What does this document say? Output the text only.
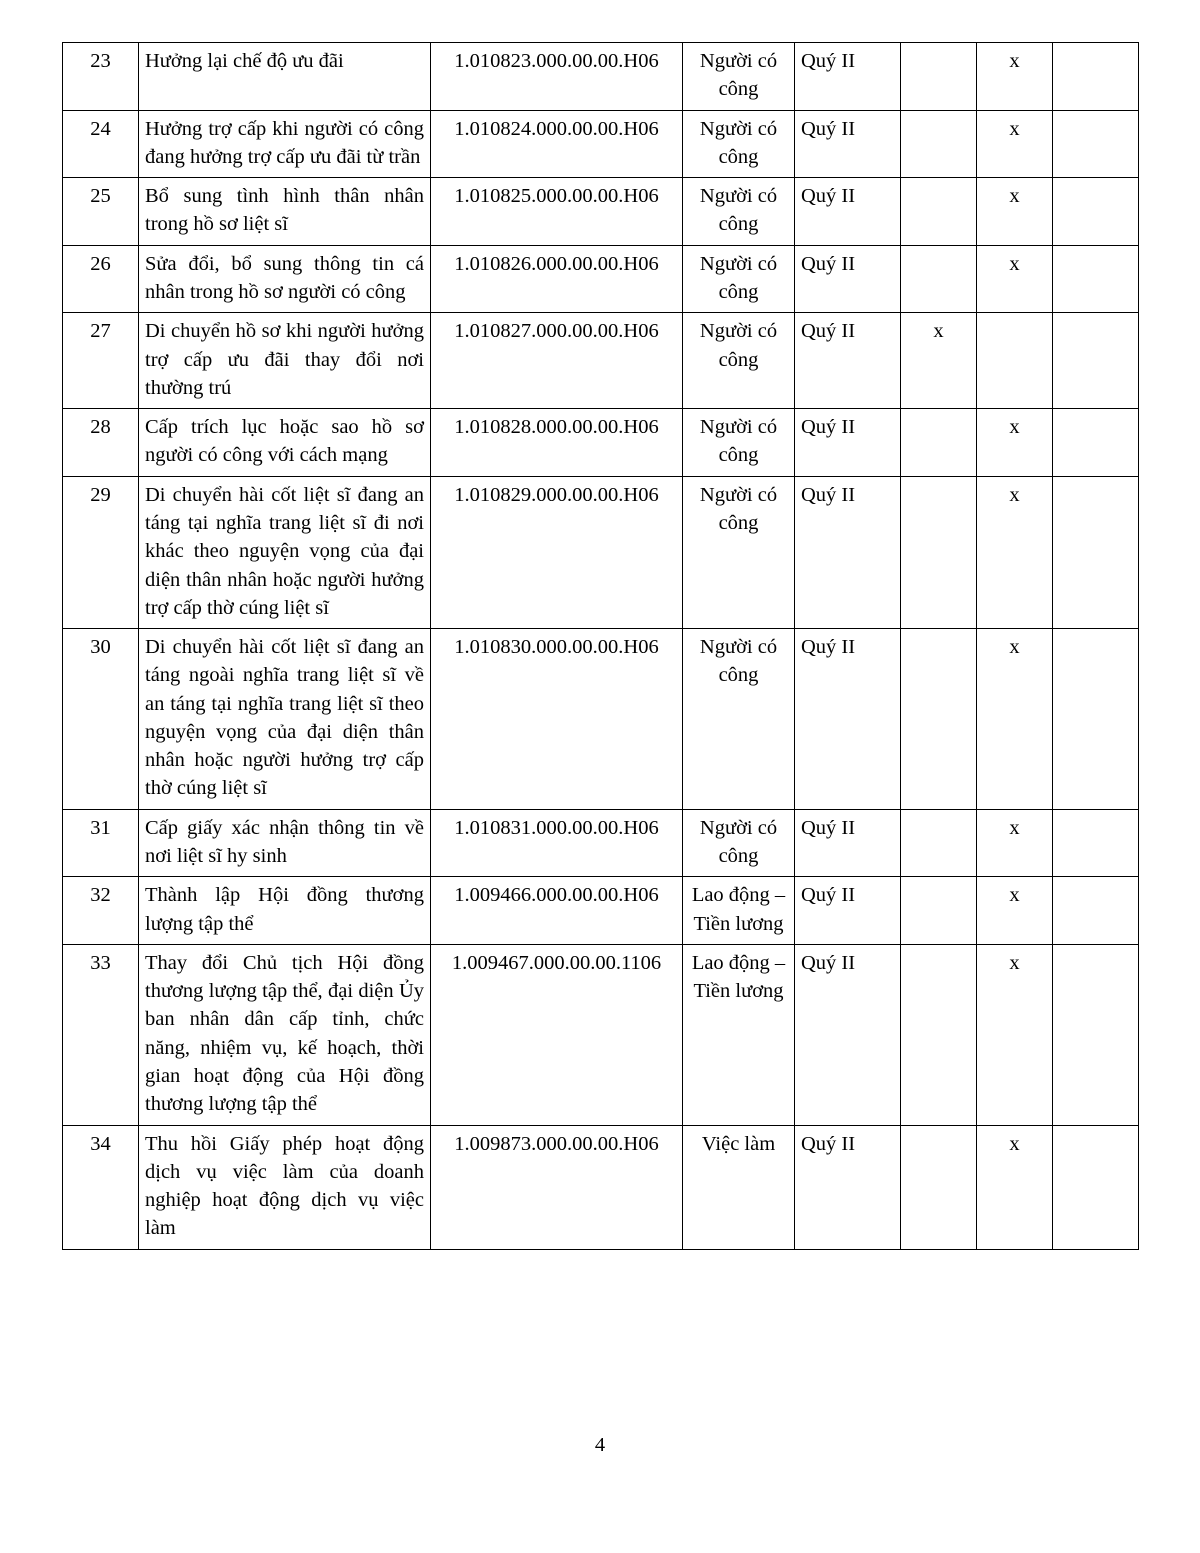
23	Hưởng lại chế độ ưu đãi	1.010823.000.00.00.H06	Người có công	Quý II		x	
24	Hưởng trợ cấp khi người có công đang hưởng trợ cấp ưu đãi từ trần	1.010824.000.00.00.H06	Người có công	Quý II		x	
25	Bổ sung tình hình thân nhân trong hồ sơ liệt sĩ	1.010825.000.00.00.H06	Người có công	Quý II		x	
26	Sửa đổi, bổ sung thông tin cá nhân trong hồ sơ người có công	1.010826.000.00.00.H06	Người có công	Quý II		x	
27	Di chuyển hồ sơ khi người hưởng trợ cấp ưu đãi thay đổi nơi thường trú	1.010827.000.00.00.H06	Người có công	Quý II	x		
28	Cấp trích lục hoặc sao hồ sơ người có công với cách mạng	1.010828.000.00.00.H06	Người có công	Quý II		x	
29	Di chuyển hài cốt liệt sĩ đang an táng tại nghĩa trang liệt sĩ đi nơi khác theo nguyện vọng của đại diện thân nhân hoặc người hưởng trợ cấp thờ cúng liệt sĩ	1.010829.000.00.00.H06	Người có công	Quý II		x	
30	Di chuyển hài cốt liệt sĩ đang an táng ngoài nghĩa trang liệt sĩ về an táng tại nghĩa trang liệt sĩ theo nguyện vọng của đại diện thân nhân hoặc người hưởng trợ cấp thờ cúng liệt sĩ	1.010830.000.00.00.H06	Người có công	Quý II		x	
31	Cấp giấy xác nhận thông tin về nơi liệt sĩ hy sinh	1.010831.000.00.00.H06	Người có công	Quý II		x	
32	Thành lập Hội đồng thương lượng tập thể	1.009466.000.00.00.H06	Lao động – Tiền lương	Quý II		x	
33	Thay đổi Chủ tịch Hội đồng thương lượng tập thể, đại diện Ủy ban nhân dân cấp tỉnh, chức năng, nhiệm vụ, kế hoạch, thời gian hoạt động của Hội đồng thương lượng tập thể	1.009467.000.00.00.1106	Lao động – Tiền lương	Quý II		x	
34	Thu hồi Giấy phép hoạt động dịch vụ việc làm của doanh nghiệp hoạt động dịch vụ việc làm	1.009873.000.00.00.H06	Việc làm	Quý II		x	
4
